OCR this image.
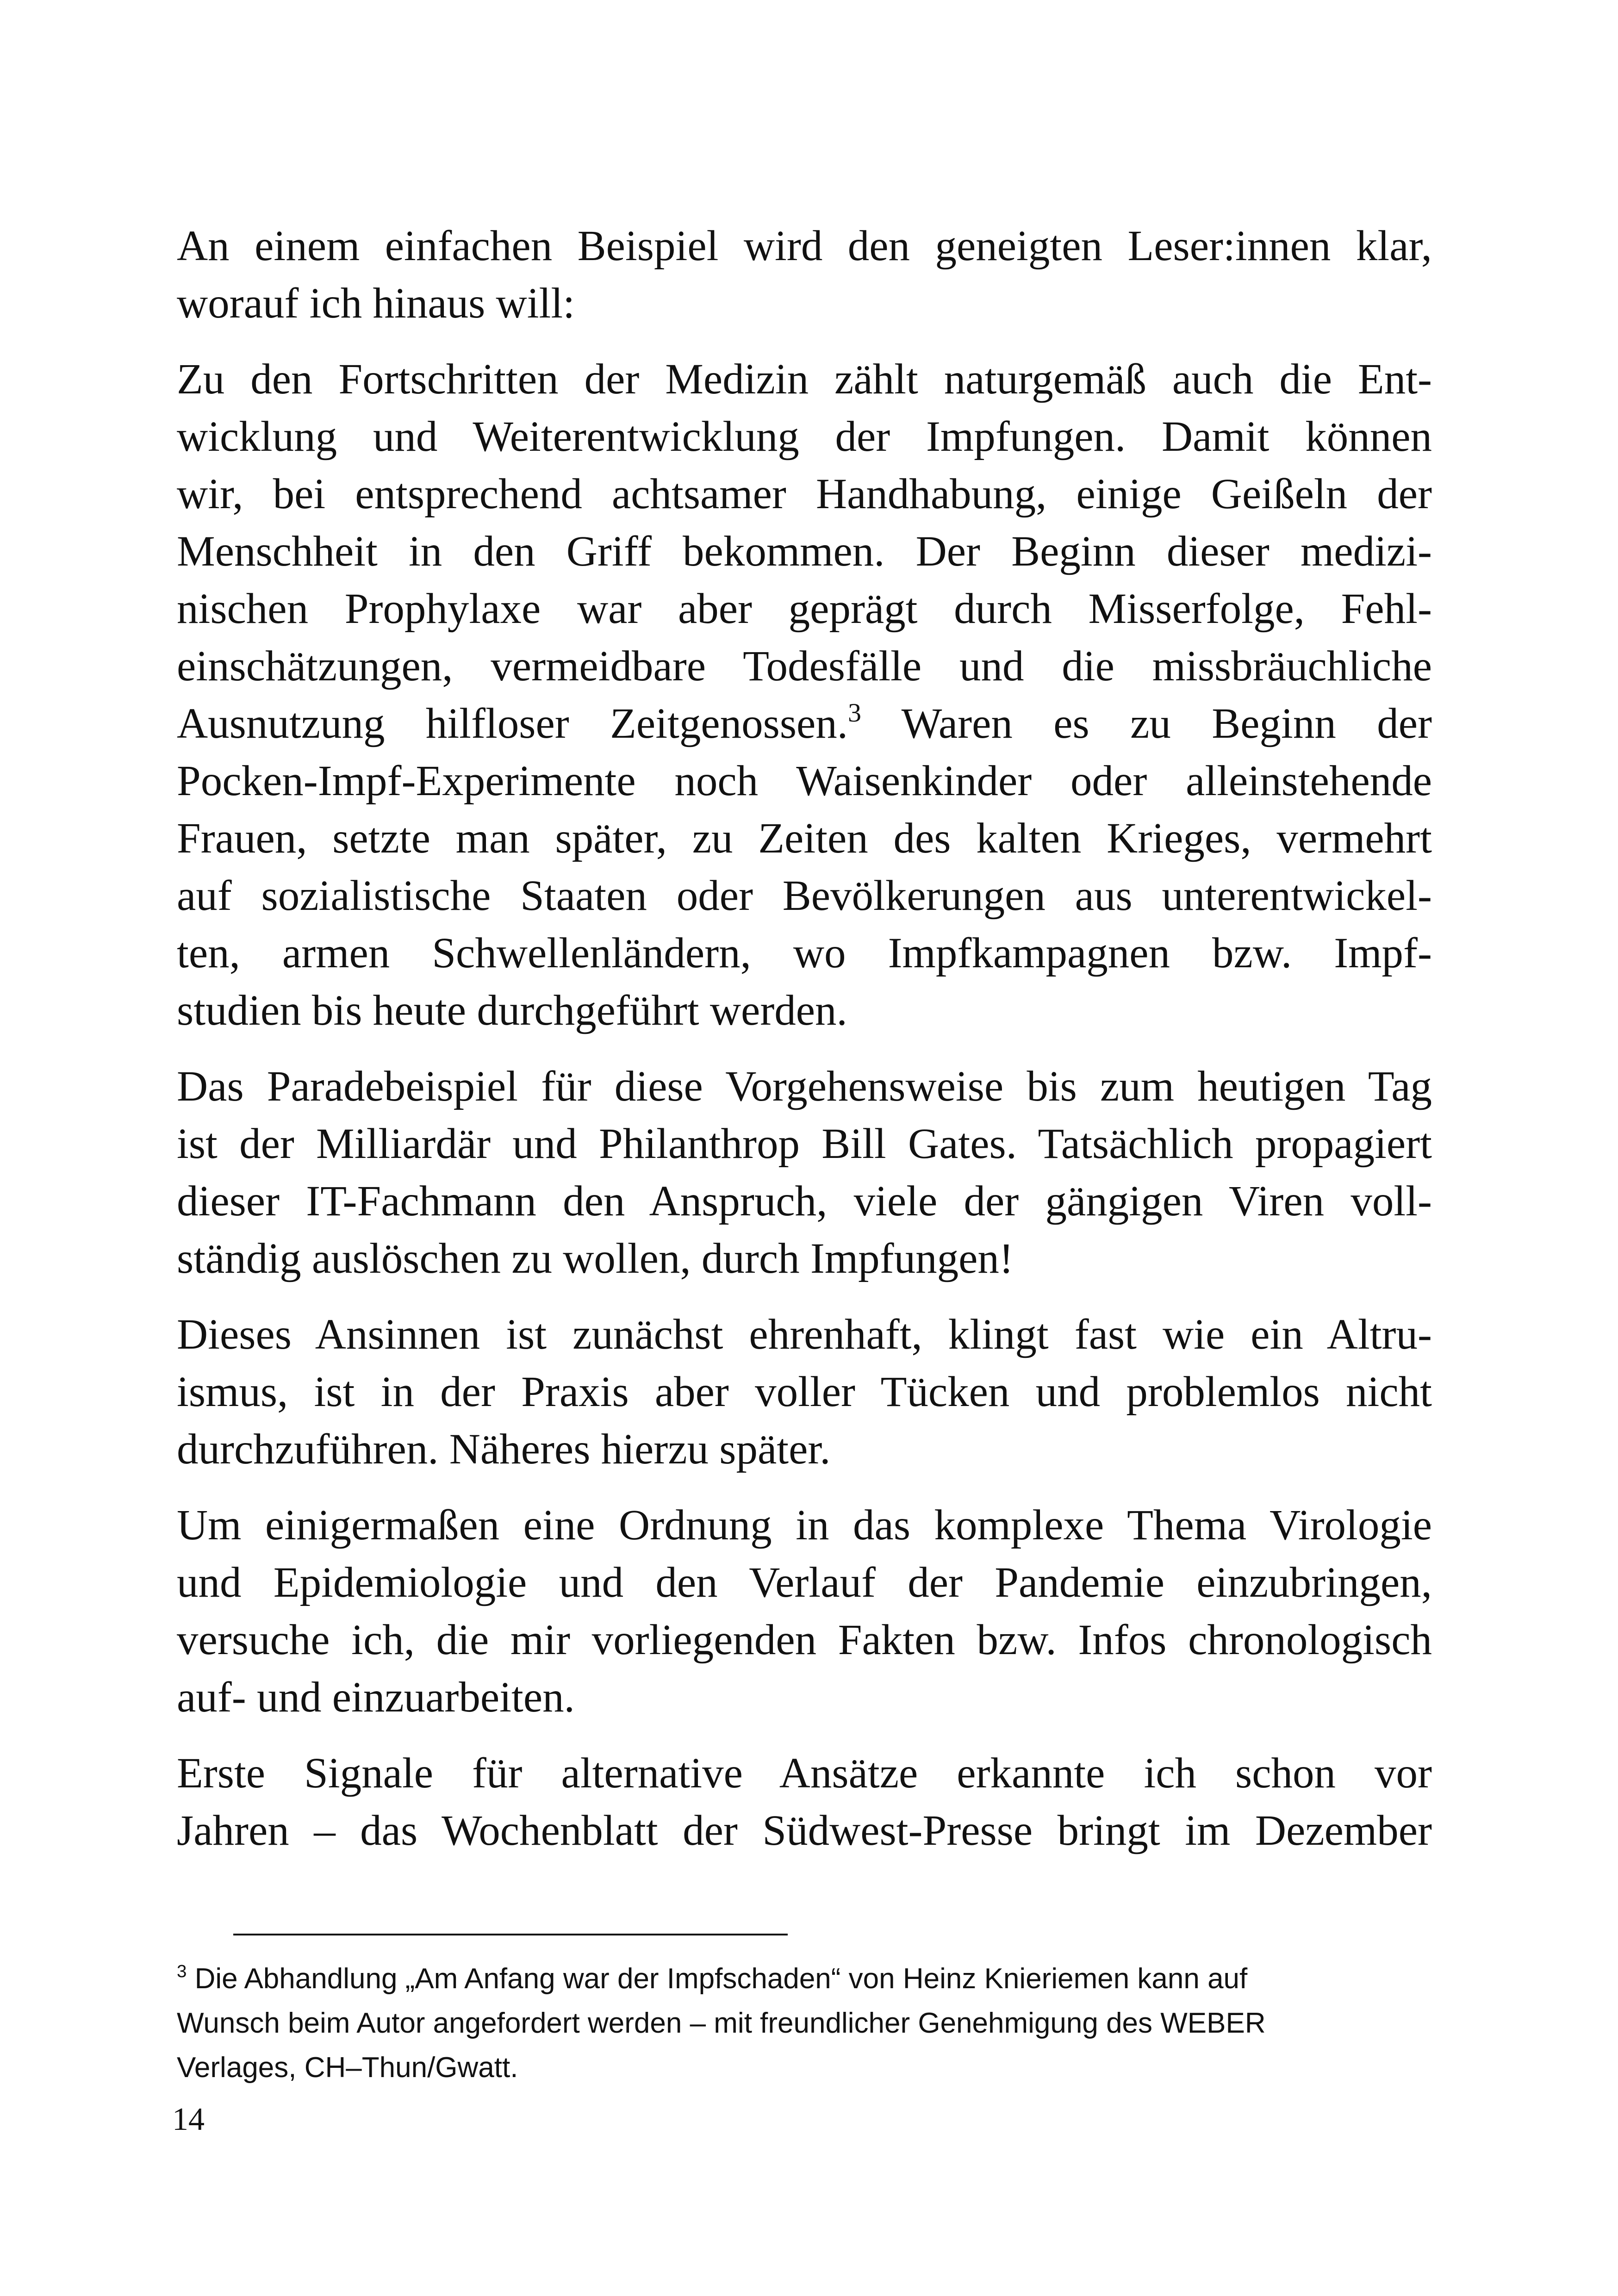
An einem einfachen Beispiel wird den geneigten Leser:innen klar,
worauf ich hinaus will:

Zu den Fortschritten der Medizin zählt naturgemäß auch die Ent-
wicklung und Weiterentwicklung der Impfungen. Damit können
wir, bei entsprechend achtsamer Handhabung, einige Geißeln der
Menschheit in den Griff bekommen. Der Beginn dieser medizi-
nischen Prophylaxe war aber geprägt durch Misserfolge, Fehl-
einschätzungen, vermeidbare Todesfälle und die missbräuchliche
Ausnutzung hilfloser Zeitgenossen.$^3$ Waren es zu Beginn der
Pocken-Impf-Experimente noch Waisenkinder oder alleinstehende
Frauen, setzte man später, zu Zeiten des kalten Krieges, vermehrt
auf sozialistische Staaten oder Bevölkerungen aus unterentwickel-
ten, armen Schwellenländern, wo Impfkampagnen bzw. Impf-
studien bis heute durchgeführt werden.

Das Paradebeispiel für diese Vorgehensweise bis zum heutigen Tag
ist der Milliardär und Philanthrop Bill Gates. Tatsächlich propagiert
dieser IT-Fachmann den Anspruch, viele der gängigen Viren voll-
ständig auslöschen zu wollen, durch Impfungen!

Dieses Ansinnen ist zunächst ehrenhaft, klingt fast wie ein Altru-
ismus, ist in der Praxis aber voller Tücken und problemlos nicht
durchzuführen. Näheres hierzu später.

Um einigermaßen eine Ordnung in das komplexe Thema Virologie
und Epidemiologie und den Verlauf der Pandemie einzubringen,
versuche ich, die mir vorliegenden Fakten bzw. Infos chronologisch
auf- und einzuarbeiten.

Erste Signale für alternative Ansätze erkannte ich schon vor
Jahren – das Wochenblatt der Südwest-Presse bringt im Dezember

$^3$ Die Abhandlung „Am Anfang war der Impfschaden“ von Heinz Knieriemen kann auf

Wunsch beim Autor angefordert werden – mit freundlicher Genehmigung des WEBER

Verlages, CH–Thun/Gwatt.

14
